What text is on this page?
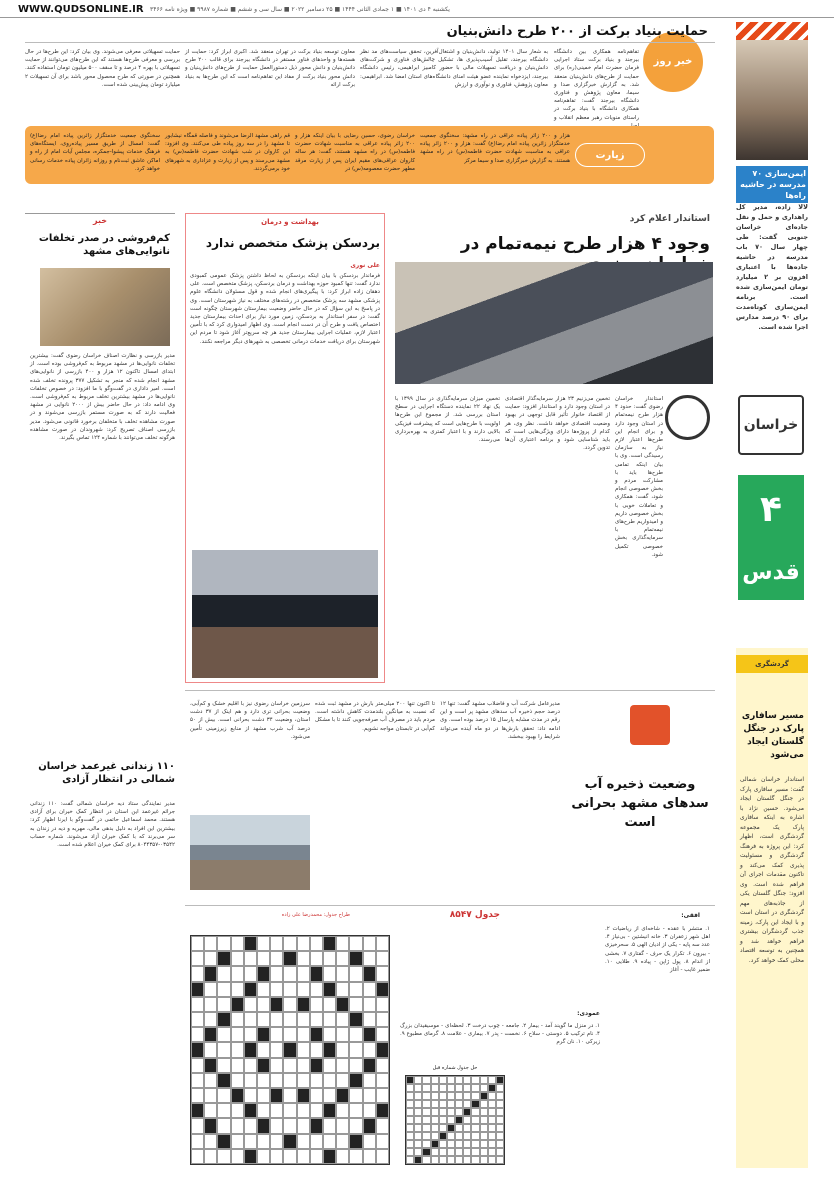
WWW.QUDSONLINE.IR یکشنبه ۴ دی ۱۴۰۱ ■ ۱ جمادی الثانی ۱۴۴۴ ■ ۲۵ دسامبر ۲۰۲۲ ■ سال سی و ششم ■ شماره ۹۹۸۷ ■ ویژه نامه ۳۴۶۶
خبر روز
حمایت بنیاد برکت از ۲۰۰ طرح دانش‌بنیان
تفاهم‌نامه همکاری بین دانشگاه بیرجند و بنیاد برکت ستاد اجرایی فرمان حضرت امام خمینی(ره) برای حمایت از طرح‌های دانش‌بنیان منعقد شد. به گزارش خبرگزاری صدا و سیما، معاون پژوهش و فناوری دانشگاه بیرجند گفت: تفاهم‌نامه همکاری دانشگاه با بنیاد برکت در راستای منویات رهبر معظم انقلاب و
به شعار سال ۱۴۰۱ تولید، دانش‌بنیان و اشتغال‌آفرین، تحقق سیاست‌های مد نظر دانشگاه بیرجند، تقلیل آسیب‌پذیری ها، تشکیل چالش‌های فناوری و شرکت‌های دانش‌بنیان و دریافت تسهیلات مالی با حضور کامبیز ابراهیمی، رئیس دانشگاه بیرجند، ایزدخواه نماینده عضو هیئت امنای دانشگاه‌های استان امضا شد. ابراهیمی: معاون پژوهش، فناوری و نوآوری و ارزش
معاون توسعه بنیاد برکت در تهران منعقد شد. اکبری ابراز کرد: حمایت از هسته‌ها و واحدهای فناور مستقر در دانشگاه بیرجند برای قالب ۲۰۰ طرح دانش‌بنیان و دانش محور ذیل دستورالعمل حمایت از طرح‌های دانش‌بنیان و دانش محور بنیاد برکت از مفاد این تفاهم‌نامه است که این طرح‌ها به بنیاد برکت ارائه
حمایت تسهیلاتی معرفی می‌شوند. وی بیان کرد: این طرح‌ها در حال بررسی و معرفی طرح‌ها هستند که این طرح‌های می‌توانند از حمایت تسهیلاتی با بهره ۴ درصد و تا سقف ۵۰۰ میلیون تومان استفاده کنند. همچنین در صورتی که طرح محصول محور باشد برای آن تسهیلات ۲ میلیارد تومان پیش‌بینی شده است.
زیارت
هزار و ۲۰۰ زائر پیاده عراقی در راه مشهد: سخنگوی جمعیت خدمتگزار زائرین پیاده امام رضا(ع) گفت: هزار و ۲۰۰ زائر پیاده عراقی به مناسبت شهادت حضرت فاطمه(س) در راه مشهد هستند. به گزارش خبرگزاری صدا و سیما مرکز
خراسان رضوی، حسین رضایی با بیان اینکه هزار و ۲۰۰ زائر پیاده عراقی به مناسبت شهادت حضرت فاطمه(س) در راه مشهد هستند، گفت: هر ساله کاروان عراقی‌های مقیم ایران پس از زیارت مرقد مطهر حضرت معصومه(س) در
قم راهی مشهد الرضا می‌شوند و فاصله قمگاه نیشابور تا مشهد را در سه روز پیاده طی می‌کنند. وی افزود: این کاروان در شب شهادت حضرت فاطمه(س) به مشهد می‌رسند و پس از زیارت و عزاداری به شهرهای خود برمی‌گردند.
سخنگوی جمعیت خدمتگزار زائرین پیاده امام رضا(ع) گفت: امسال از طریق مسیر پیاده‌روی، ایستگاه‌های فرهنگ خدمات پیشوا-جمکره، مجلس آیات امام از راه و اماکن عاشق ثبت‌نام و روزانه زائران پیاده خدمات رسانی خواهد کرد.
ایمن‌سازی ۷۰ مدرسه در حاشیه راه‌ها
لالا زاده، مدیر کل راهداری و حمل و نقل جاده‌ای خراسان جنوبی گفت: طی چهار سال ۷۰ باب مدرسه در حاشیه جاده‌ها با اعتباری افزون بر ۲ میلیارد تومان ایمن‌سازی شده است. برنامه ایمن‌سازی کوتاه‌مدت برای ۹۰ درصد مدارس اجرا شده است.
خراسان
۴
قدس
گردشگری
مسیر سافاری پارک در جنگل گلستان ایجاد می‌شود
استاندار خراسان شمالی گفت: مسیر سافاری پارک در جنگل گلستان ایجاد می‌شود. حسین نژاد با اشاره به اینکه سافاری پارک یک مجموعه گردشگری است، اظهار کرد: این پروژه به فرهنگ گردشگری و مسئولیت پذیری کمک می‌کند و تاکنون مقدمات اجرای آن فراهم شده است. وی افزود: جنگل گلستان یکی از جاذبه‌های مهم گردشگری در استان است و با ایجاد این پارک، زمینه جذب گردشگران بیشتری فراهم خواهد شد و همچنین به توسعه اقتصاد محلی کمک خواهد کرد.
استاندار اعلام کرد
وجود ۴ هزار طرح نیمه‌تمام در
استاندار خراسان رضوی گفت: حدود ۴ هزار طرح نیمه‌تمام در استان وجود دارد و برای انجام این طرح‌ها اعتبار لازم نیاز به سازمان رسیدگی است. وی با بیان اینکه تمامی طرح‌ها باید با مشارکت مردم و بخش خصوصی انجام شود، گفت: همکاری و تعاملات خوبی با بخش خصوصی داریم و امیدواریم طرح‌های نیمه‌تمام با سرمایه‌گذاری بخش خصوصی تکمیل شود.
تخمین می‌زنیم ۲۳ هزار سرمایه‌گذار اقتصادی در استان وجود دارد و استاندار افزود: حمایت از اقتصاد خانوار تأثیر قابل توجهی در بهبود وضعیت اقتصادی خواهد داشت. نظر وی، هر کدام از پروژه‌ها دارای ویژگی‌هایی است که باید شناسایی شود و برنامه اعتباری آن‌ها تدوین گردد.
تخمین میزان سرمایه‌گذاری در سال ۱۳۹۹ با یک نهاد ۲۲ نماینده دستگاه اجرایی در سطح استان بررسی شد. از مجموع این طرح‌ها اولویت با طرح‌هایی است که پیشرفت فیزیکی بالایی دارند و با اعتبار کمتری به بهره‌برداری می‌رسند.
بهداشت و درمان
بردسکن پزشک متخصص ندارد
علی نوری
فرماندار بردسکن با بیان اینکه بردسکن به لحاظ داشتن پزشک عمومی کمبودی ندارد گفت: تنها کمبود حوزه بهداشت و درمان بردسکن، پزشک متخصص است. علی دهقان زاده ابراز کرد: با پیگیری‌های انجام شده و قول مسئولان دانشگاه علوم پزشکی مشهد سه پزشک متخصص در رشته‌های مختلف به نیاز شهرستان است. وی در پاسخ به این سؤال که در حال حاضر وضعیت بیمارستان شهرستان چگونه است گفت: در سفر استاندار به بردسکن، زمین مورد نیاز برای احداث بیمارستان جدید اختصاص یافت و طرح آن در دست انجام است. وی اظهار امیدواری کرد که با تأمین اعتبار لازم، عملیات اجرایی بیمارستان جدید هر چه سریع‌تر آغاز شود تا مردم این شهرستان برای دریافت خدمات درمانی تخصصی به شهرهای دیگر مراجعه نکنند.
خبر
کم‌فروشی در صدر تخلفات نانوایی‌های مشهد
مدیر بازرسی و نظارت اصناف خراسان رضوی گفت: بیشترین تخلفات نانوایی‌ها در مشهد مربوط به کم‌فروشی بوده است. از ابتدای امسال تاکنون ۱۲ هزار و ۴۰۰ بازرسی از نانوایی‌های مشهد انجام شده که منجر به تشکیل ۳۷۷ پرونده تخلف شده است. امیر داداری در گفت‌وگو با ما افزود: در خصوص تخلفات نانوایی‌ها در مشهد بیشترین تخلف مربوط به کم‌فروشی است. وی ادامه داد: در حال حاضر بیش از ۲۰۰۰ نانوایی در مشهد فعالیت دارند که به صورت مستمر بازرسی می‌شوند و در صورت مشاهده تخلف با متخلفان برخورد قانونی می‌شود. مدیر بازرسی اصناف تصریح کرد: شهروندان در صورت مشاهده هرگونه تخلف می‌توانند با شماره ۱۲۴ تماس بگیرند.
۱۱۰ زندانی غیرعمد خراسان شمالی در انتظار آزادی
مدیر نمایندگی ستاد دیه خراسان شمالی گفت: ۱۱۰ زندانی جرائم غیرعمد این استان در انتظار کمک خیران برای آزادی هستند. محمد اسماعیل حاتمی در گفت‌وگو با ایرنا اظهار کرد: بیشترین این افراد به دلیل بدهی مالی، مهریه و دیه در زندان به سر می‌برند که با کمک خیران آزاد می‌شوند. شماره حساب ۰۳۵۴۲-۸۰۴۴۳۵۷ برای کمک خیران اعلام شده است.
وضعیت ذخیره آب سدهای مشهد بحرانی است
مدیرعامل شرکت آب و فاضلاب مشهد گفت: تنها ۱۲ درصد حجم ذخیره آب سدهای مشهد پر است و این رقم در مدت مشابه پارسال ۱۵ درصد بوده است. وی ادامه داد: تحقق بارش‌ها در دو ماه آینده می‌تواند شرایط را بهبود ببخشد.
تا اکنون تنها ۲۰۰ میلی‌متر بارش در مشهد ثبت شده که نسبت به میانگین بلندمدت کاهش داشته است. مردم باید در مصرف آب صرفه‌جویی کنند تا با مشکل کم‌آبی در تابستان مواجه نشویم.
سرزمین خراسان رضوی نیز با اقلیم خشک و کم‌آبی، وضعیت بحرانی تری دارد و هم اینک از ۳۷ دشت استان، وضعیت ۳۴ دشت بحرانی است. بیش از ۵۰ درصد آب شرب مشهد از منابع زیرزمینی تأمین می‌شود.
جدول ۸۵۴۷
طراح جدول: محمدرضا علی زاده
عمودی:
۱. در منزل ما گویند آمد - بیمار ۲. جامعه - چوب درخت ۳. لحظه‌ای - موسیقیدان بزرگ ۴. نام ترکیب ۵. دوستی - سلاح ۶. نخست - پدر ۷. بیماری - علامت ۸. گرمای مطبوع ۹. زیرکی ۱۰. نان گرم
افقی:
۱. منتشر با عقده - شاخه‌ای از ریاضیات ۲. اهل شهر زعفران ۳. خانه انیشتین - بی‌نیاز ۴. عدد سه پایه - یکی از ادیان الهی ۵. سحرخیزی - بیرون ۶. تکرار یک حرف - گفتاری ۷. بخشی از اندام ۸. پول ژاپن - پیاده ۹. طلایی ۱۰. ضمیر غایب - آغاز
حل جدول شماره قبل
